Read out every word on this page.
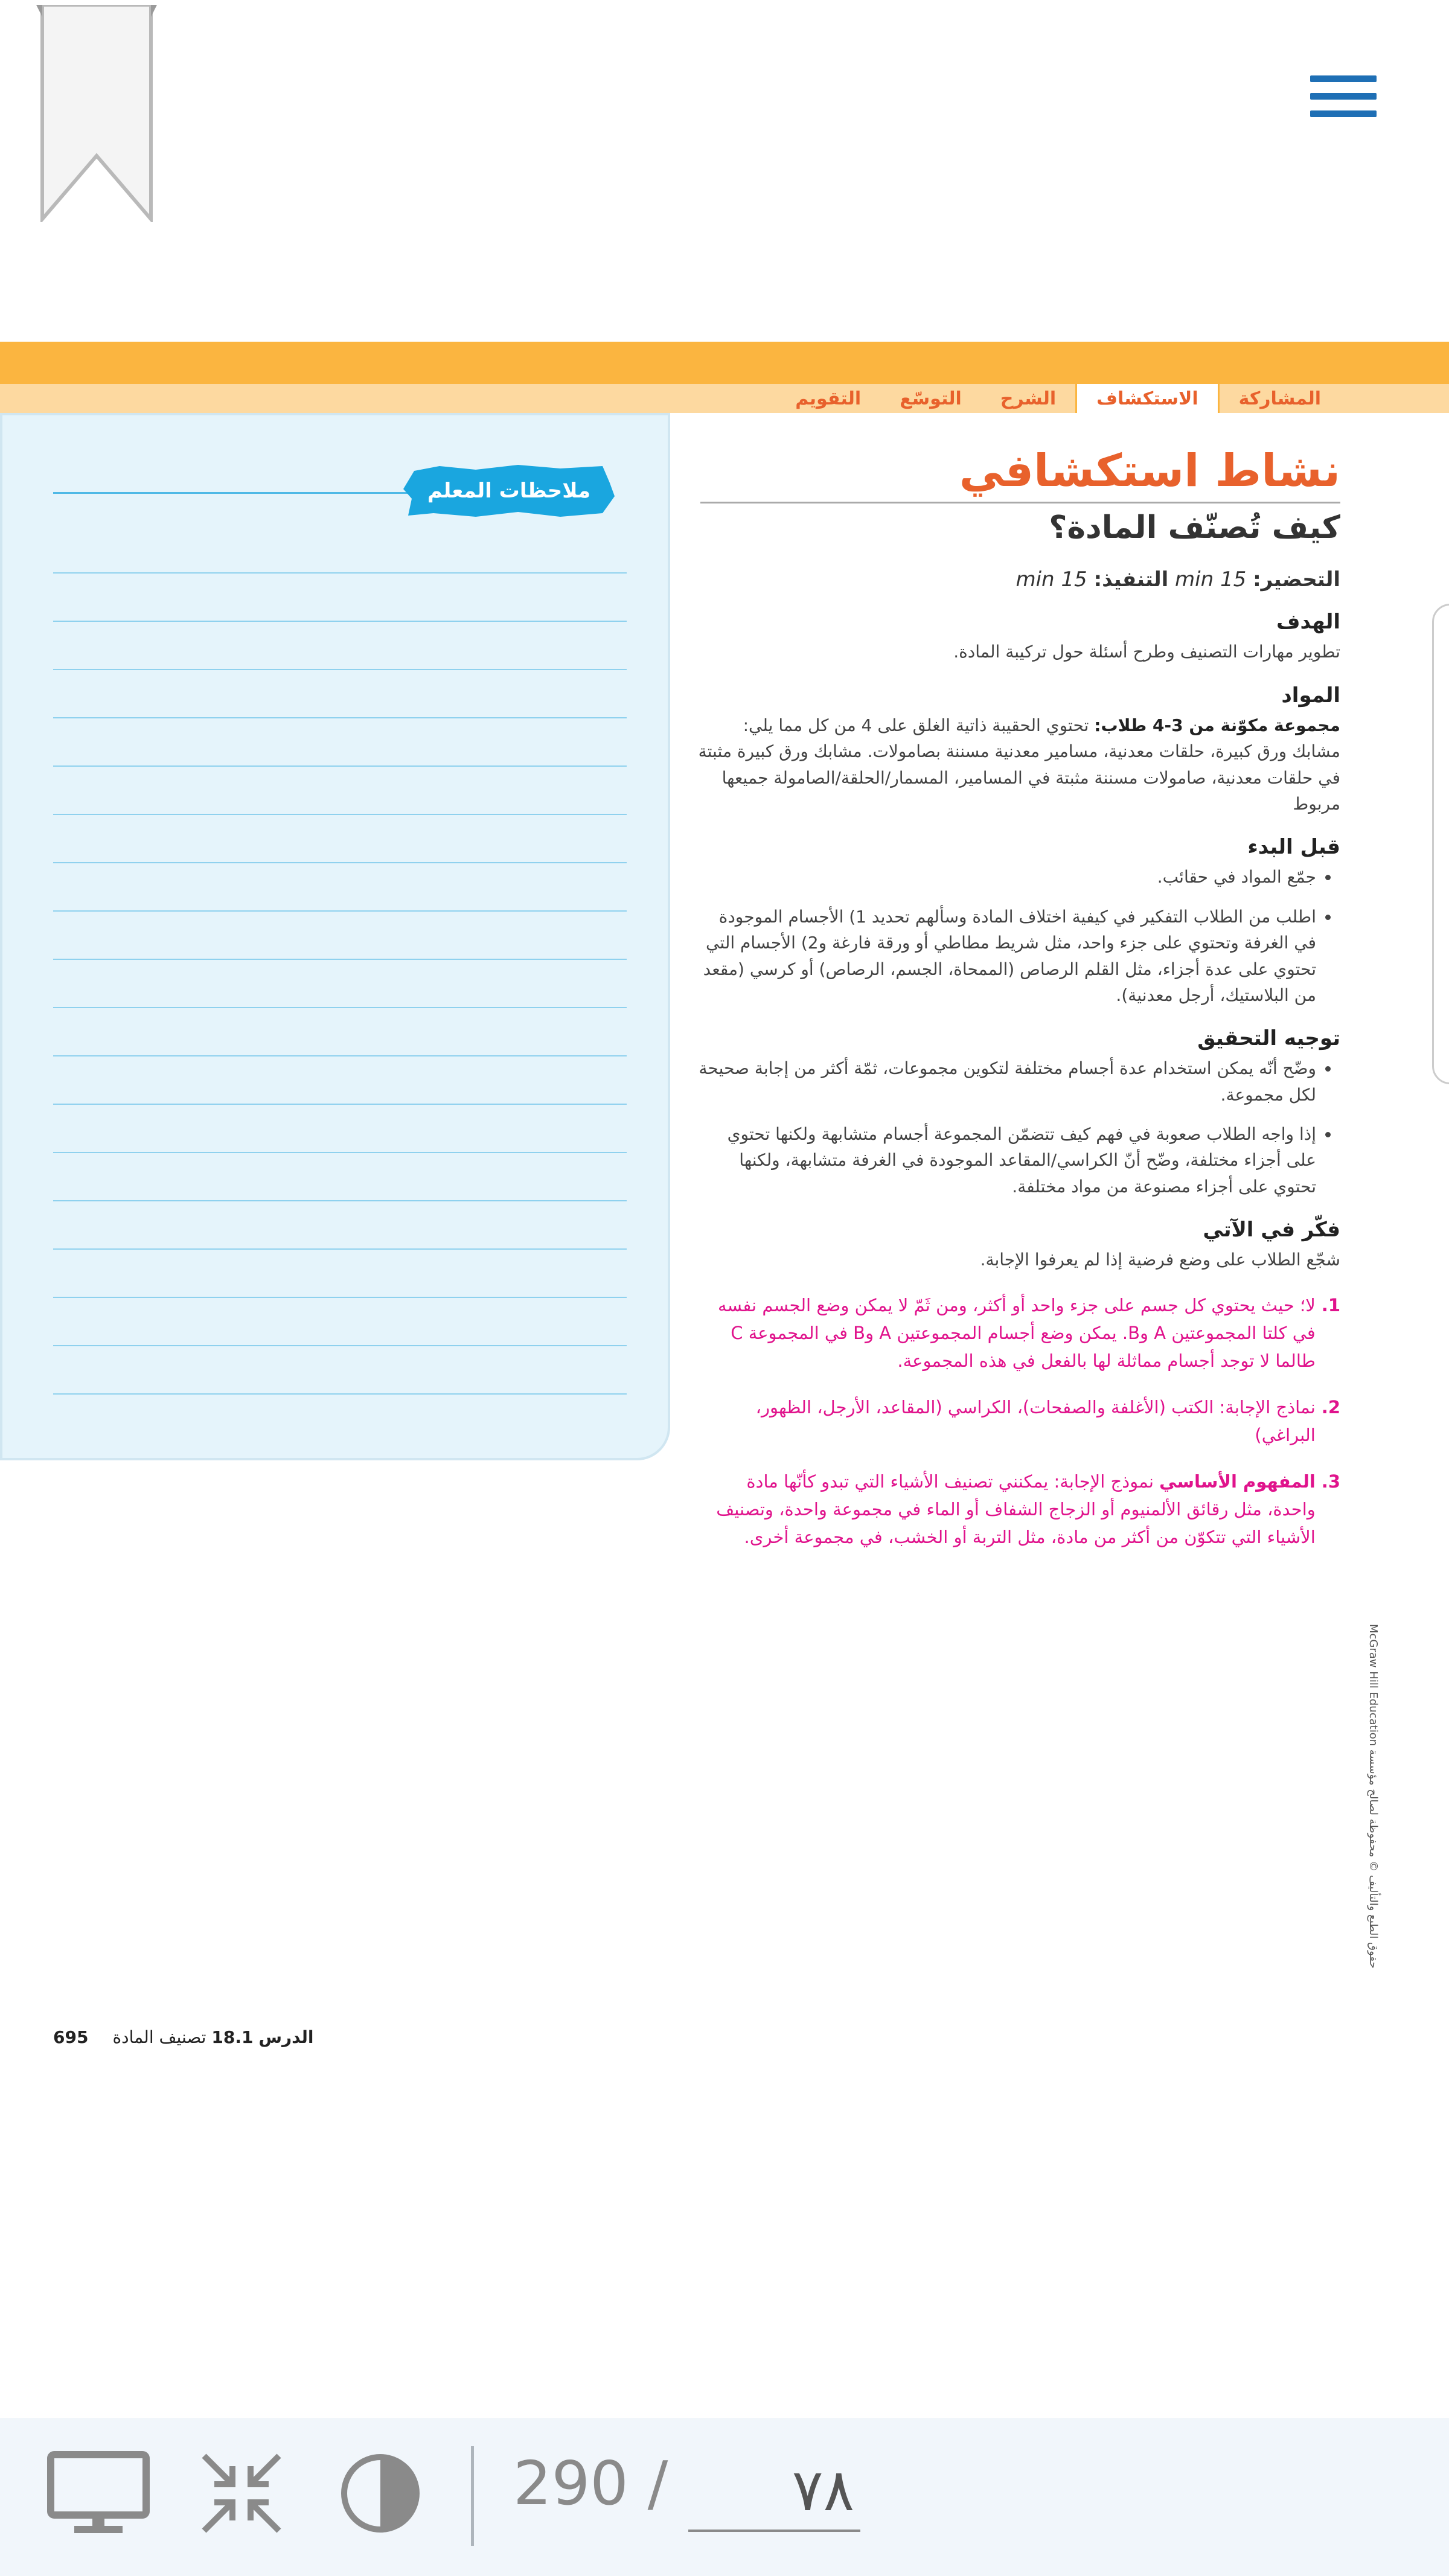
المشاركة
الاستكشاف
الشرح
التوسّع
التقويم
ملاحظات المعلم
حقوق الطبع والتأليف © محفوظة لصالح مؤسسة McGraw Hill Education
نشاط استكشافي
كيف تُصنّف المادة؟
التحضير: 15 min التنفيذ: 15 min
الهدف
تطوير مهارات التصنيف وطرح أسئلة حول تركيبة المادة.
المواد
مجموعة مكوّنة من 3-4 طلاب: تحتوي الحقيبة ذاتية الغلق على 4 من كل مما يلي: مشابك ورق كبيرة، حلقات معدنية، مسامير معدنية مسننة بصامولات. مشابك ورق كبيرة مثبتة في حلقات معدنية، صامولات مسننة مثبتة في المسامير، المسمار/الحلقة/الصامولة جميعها مربوط
قبل البدء
• جمّع المواد في حقائب.
• اطلب من الطلاب التفكير في كيفية اختلاف المادة وسألهم تحديد 1) الأجسام الموجودة في الغرفة وتحتوي على جزء واحد، مثل شريط مطاطي أو ورقة فارغة و2) الأجسام التي تحتوي على عدة أجزاء، مثل القلم الرصاص (الممحاة، الجسم، الرصاص) أو كرسي (مقعد من البلاستيك، أرجل معدنية).
توجيه التحقيق
• وضّح أنّه يمكن استخدام عدة أجسام مختلفة لتكوين مجموعات، ثمّة أكثر من إجابة صحيحة لكل مجموعة.
• إذا واجه الطلاب صعوبة في فهم كيف تتضمّن المجموعة أجسام متشابهة ولكنها تحتوي على أجزاء مختلفة، وضّح أنّ الكراسي/المقاعد الموجودة في الغرفة متشابهة، ولكنها تحتوي على أجزاء مصنوعة من مواد مختلفة.
فكّر في الآتي
شجّع الطلاب على وضع فرضية إذا لم يعرفوا الإجابة.
1.
لا؛ حيث يحتوي كل جسم على جزء واحد أو أكثر، ومن ثَمّ لا يمكن وضع الجسم نفسه في كلتا المجموعتين A وB. يمكن وضع أجسام المجموعتين A وB في المجموعة C طالما لا توجد أجسام مماثلة لها بالفعل في هذه المجموعة.
2.
نماذج الإجابة: الكتب (الأغلفة والصفحات)، الكراسي (المقاعد، الأرجل، الظهور، البراغي)
3.
المفهوم الأساسي نموذج الإجابة: يمكنني تصنيف الأشياء التي تبدو كأنّها مادة واحدة، مثل رقائق الألمنيوم أو الزجاج الشفاف أو الماء في مجموعة واحدة، وتصنيف الأشياء التي تتكوّن من أكثر من مادة، مثل التربة أو الخشب، في مجموعة أخرى.
695	الدرس 18.1 تصنيف المادة
290 /
٧٨
